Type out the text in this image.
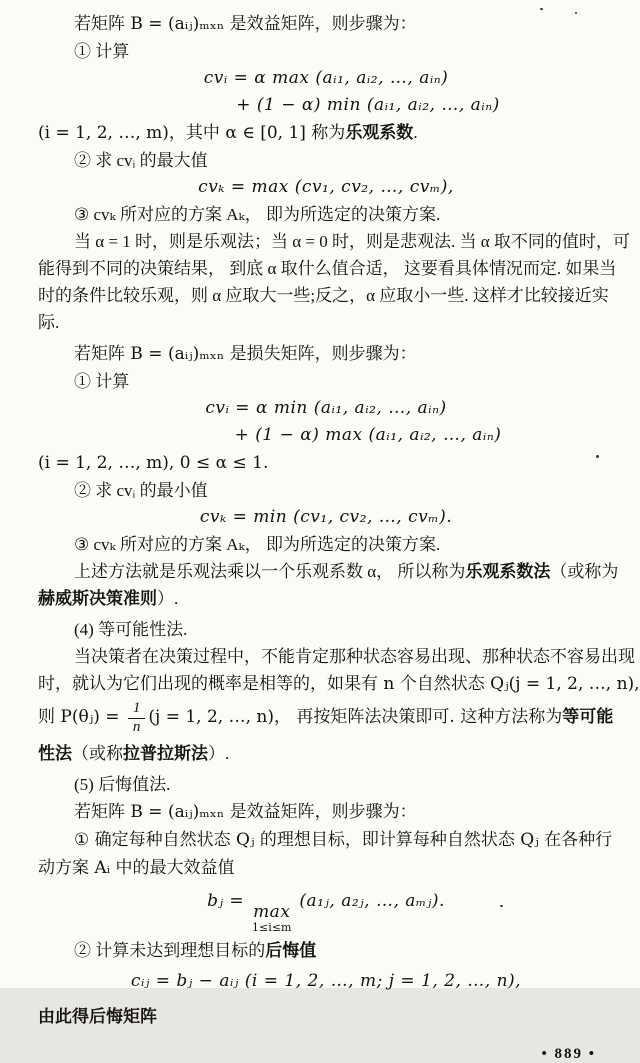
若矩阵 B = (aᵢⱼ)ₘₓₙ 是效益矩阵，则步骤为：
① 计算
cvᵢ = α max (aᵢ₁, aᵢ₂, …, aᵢₙ)
+ (1 − α) min (aᵢ₁, aᵢ₂, …, aᵢₙ)
(i = 1, 2, …, m)，其中 α ∈ [0, 1] 称为乐观系数.
② 求 cvᵢ 的最大值
cvₖ = max (cv₁, cv₂, …, cvₘ),
③ cvₖ 所对应的方案 Aₖ， 即为所选定的决策方案.
当 α = 1 时，则是乐观法；当 α = 0 时，则是悲观法. 当 α 取不同的值时，可
能得到不同的决策结果， 到底 α 取什么值合适， 这要看具体情况而定. 如果当
时的条件比较乐观，则 α 应取大一些;反之，α 应取小一些. 这样才比较接近实
际.
若矩阵 B = (aᵢⱼ)ₘₓₙ 是损失矩阵，则步骤为：
① 计算
cvᵢ = α min (aᵢ₁, aᵢ₂, …, aᵢₙ)
+ (1 − α) max (aᵢ₁, aᵢ₂, …, aᵢₙ)
(i = 1, 2, …, m), 0 ≤ α ≤ 1.
② 求 cvᵢ 的最小值
cvₖ = min (cv₁, cv₂, …, cvₘ).
③ cvₖ 所对应的方案 Aₖ， 即为所选定的决策方案.
上述方法就是乐观法乘以一个乐观系数 α， 所以称为乐观系数法（或称为
赫威斯决策准则）.
(4) 等可能性法.
当决策者在决策过程中，不能肯定那种状态容易出现、那种状态不容易出现
时，就认为它们出现的概率是相等的，如果有 n 个自然状态 Qⱼ(j = 1, 2, …, n),
则 P(θⱼ) = $\frac{1}{n} (j = 1$, 2, …, n)， 再按矩阵法决策即可. 这种方法称为等可能
性法（或称拉普拉斯法）.
(5) 后悔值法.
若矩阵 B = (aᵢⱼ)ₘₓₙ 是效益矩阵，则步骤为：
① 确定每种自然状态 Qⱼ 的理想目标，即计算每种自然状态 Qⱼ 在各种行
动方案 Aᵢ 中的最大效益值
bⱼ =
max
1≤i≤m
(a₁ⱼ, a₂ⱼ, …, aₘⱼ).
② 计算未达到理想目标的后悔值
cᵢⱼ = bⱼ − aᵢⱼ (i = 1, 2, …, m; j = 1, 2, …, n),
由此得后悔矩阵
• 889 •
